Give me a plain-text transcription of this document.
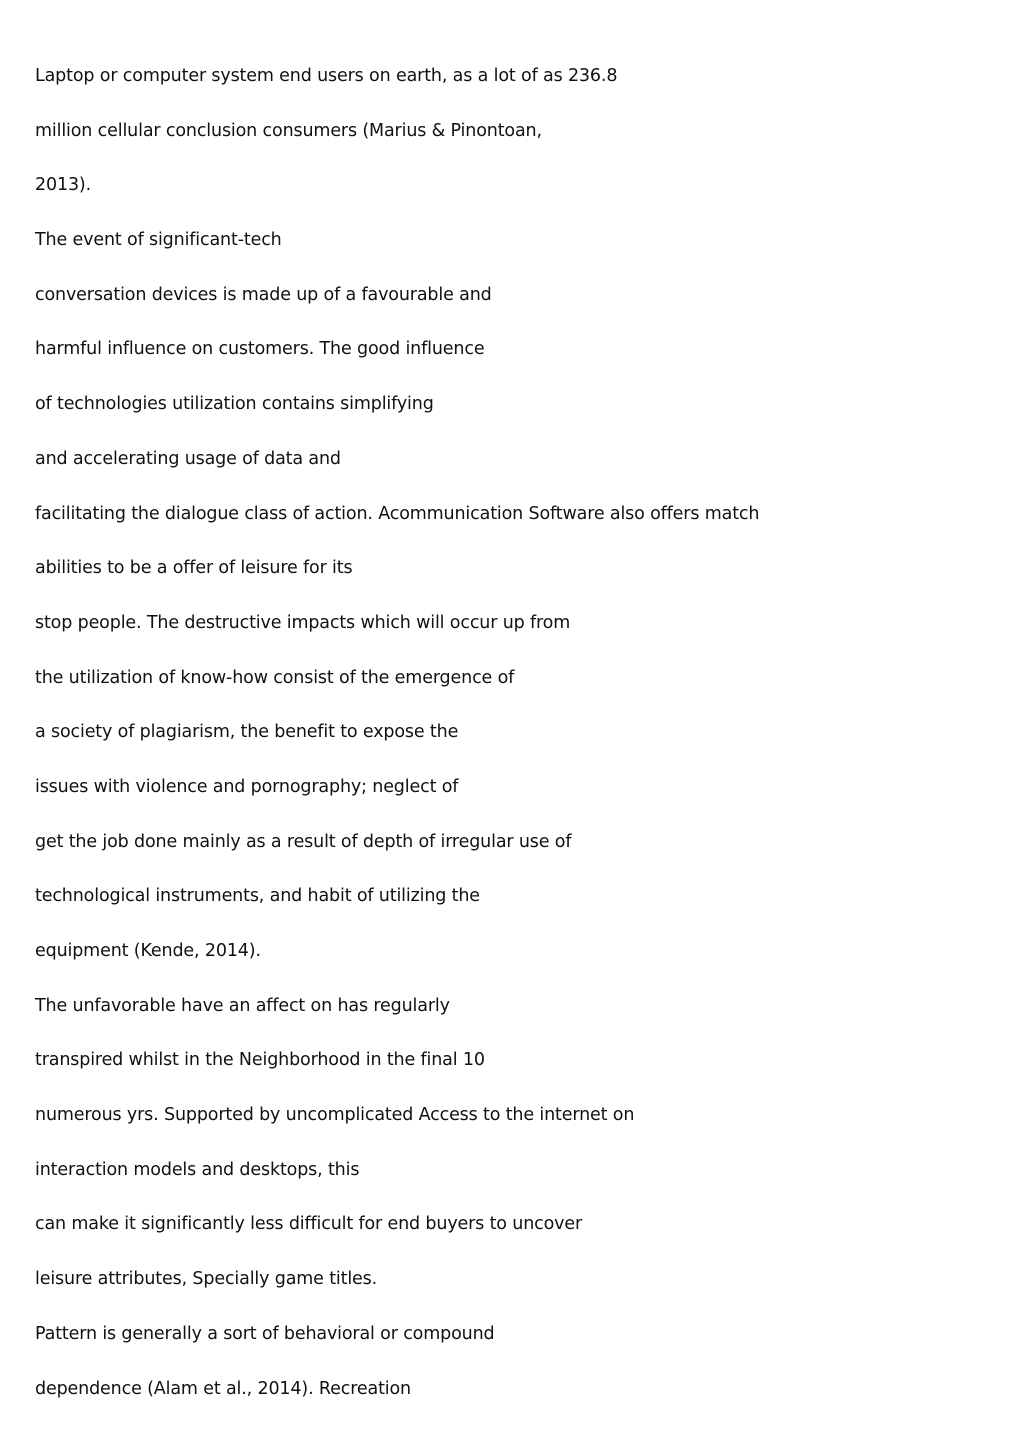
Laptop or computer system end users on earth, as a lot of as 236.8
million cellular conclusion consumers (Marius & Pinontoan,
2013).
The event of significant-tech
conversation devices is made up of a favourable and
harmful influence on customers. The good influence
of technologies utilization contains simplifying
and accelerating usage of data and
facilitating the dialogue class of action. Acommunication Software also offers match
abilities to be a offer of leisure for its
stop people. The destructive impacts which will occur up from
the utilization of know-how consist of the emergence of
a society of plagiarism, the benefit to expose the
issues with violence and pornography; neglect of
get the job done mainly as a result of depth of irregular use of
technological instruments, and habit of utilizing the
equipment (Kende, 2014).
The unfavorable have an affect on has regularly
transpired whilst in the Neighborhood in the final 10
numerous yrs. Supported by uncomplicated Access to the internet on
interaction models and desktops, this
can make it significantly less difficult for end buyers to uncover
leisure attributes, Specially game titles.
Pattern is generally a sort of behavioral or compound
dependence (Alam et al., 2014). Recreation
